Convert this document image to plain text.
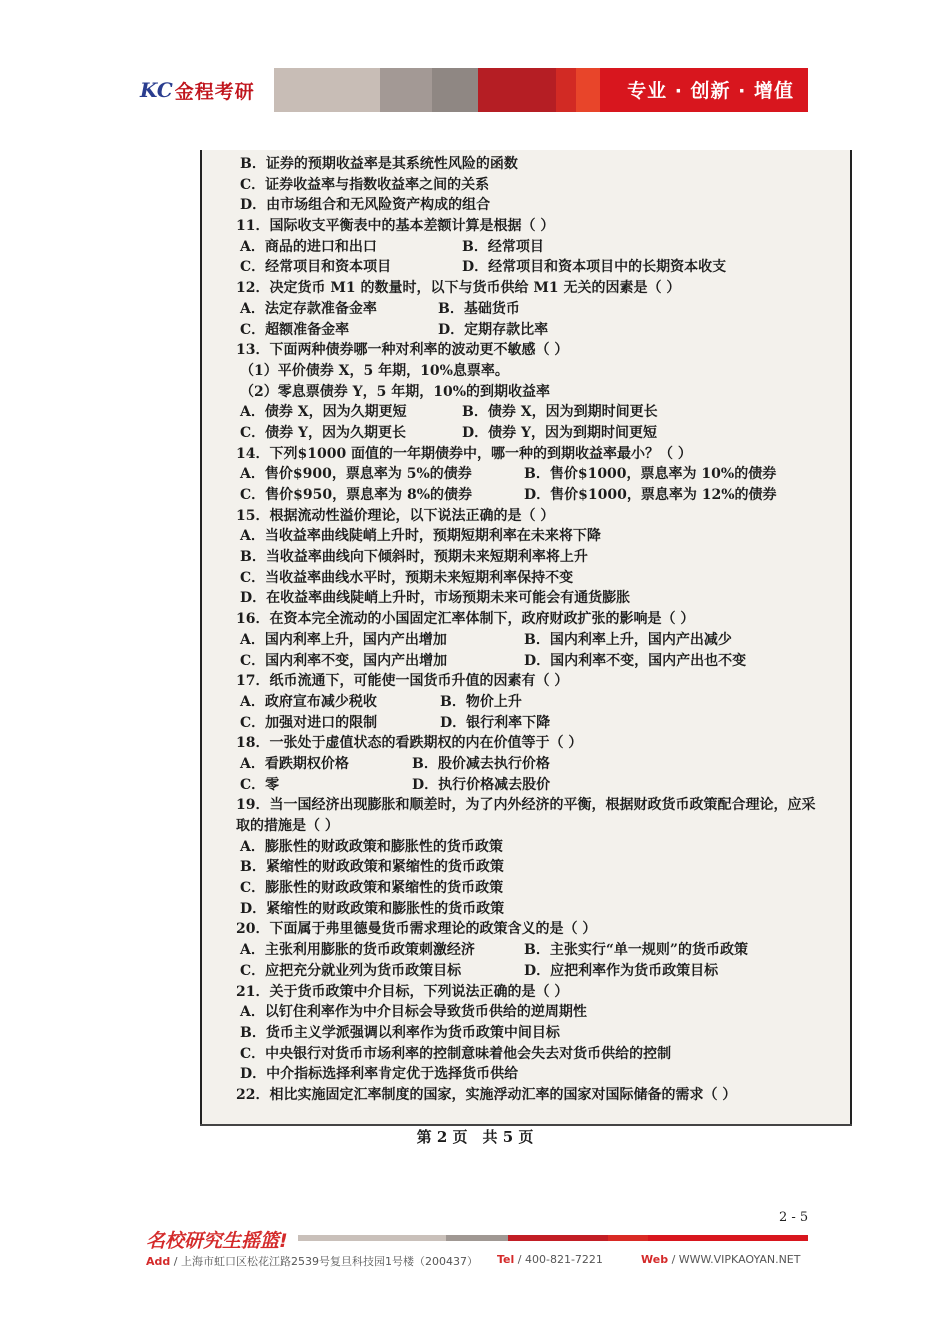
KC 金程考研	专业 · 创新 · 增值
B．证券的预期收益率是其系统性风险的函数
C．证券收益率与指数收益率之间的关系
D．由市场组合和无风险资产构成的组合
11．国际收支平衡表中的基本差额计算是根据（ ）
A．商品的进口和出口	B．经常项目
C．经常项目和资本项目	D．经常项目和资本项目中的长期资本收支
12．决定货币 M1 的数量时，以下与货币供给 M1 无关的因素是（ ）
A．法定存款准备金率	B．基础货币
C．超额准备金率	D．定期存款比率
13．下面两种债券哪一种对利率的波动更不敏感（ ）
（1）平价债券 X，5 年期，10%息票率。
（2）零息票债券 Y，5 年期，10%的到期收益率
A．债券 X，因为久期更短	B．债券 X，因为到期时间更长
C．债券 Y，因为久期更长	D．债券 Y，因为到期时间更短
14．下列$1000 面值的一年期债券中，哪一种的到期收益率最小？（ ）
A．售价$900，票息率为 5%的债券	B．售价$1000，票息率为 10%的债券
C．售价$950，票息率为 8%的债券	D．售价$1000，票息率为 12%的债券
15．根据流动性溢价理论，以下说法正确的是（ ）
A．当收益率曲线陡峭上升时，预期短期利率在未来将下降
B．当收益率曲线向下倾斜时，预期未来短期利率将上升
C．当收益率曲线水平时，预期未来短期利率保持不变
D．在收益率曲线陡峭上升时，市场预期未来可能会有通货膨胀
16．在资本完全流动的小国固定汇率体制下，政府财政扩张的影响是（ ）
A．国内利率上升，国内产出增加	B．国内利率上升，国内产出减少
C．国内利率不变，国内产出增加	D．国内利率不变，国内产出也不变
17．纸币流通下，可能使一国货币升值的因素有（ ）
A．政府宣布减少税收	B．物价上升
C．加强对进口的限制	D．银行利率下降
18．一张处于虚值状态的看跌期权的内在价值等于（ ）
A．看跌期权价格	B．股价减去执行价格
C．零	D．执行价格减去股价
19．当一国经济出现膨胀和顺差时，为了内外经济的平衡，根据财政货币政策配合理论，应采
取的措施是（ ）
A．膨胀性的财政政策和膨胀性的货币政策
B．紧缩性的财政政策和紧缩性的货币政策
C．膨胀性的财政政策和紧缩性的货币政策
D．紧缩性的财政政策和膨胀性的货币政策
20．下面属于弗里德曼货币需求理论的政策含义的是（ ）
A．主张利用膨胀的货币政策刺激经济	B．主张实行“单一规则”的货币政策
C．应把充分就业列为货币政策目标	D．应把利率作为货币政策目标
21．关于货币政策中介目标，下列说法正确的是（ ）
A．以钉住利率作为中介目标会导致货币供给的逆周期性
B．货币主义学派强调以利率作为货币政策中间目标
C．中央银行对货币市场利率的控制意味着他会失去对货币供给的控制
D．中介指标选择利率肯定优于选择货币供给
22．相比实施固定汇率制度的国家，实施浮动汇率的国家对国际储备的需求（ ）
第 2 页　共 5 页
2 - 5
名校研究生摇篮!
Add / 上海市虹口区松花江路2539号复旦科技园1号楼（200437） Tel / 400-821-7221	Web / WWW.VIPKAOYAN.NET
